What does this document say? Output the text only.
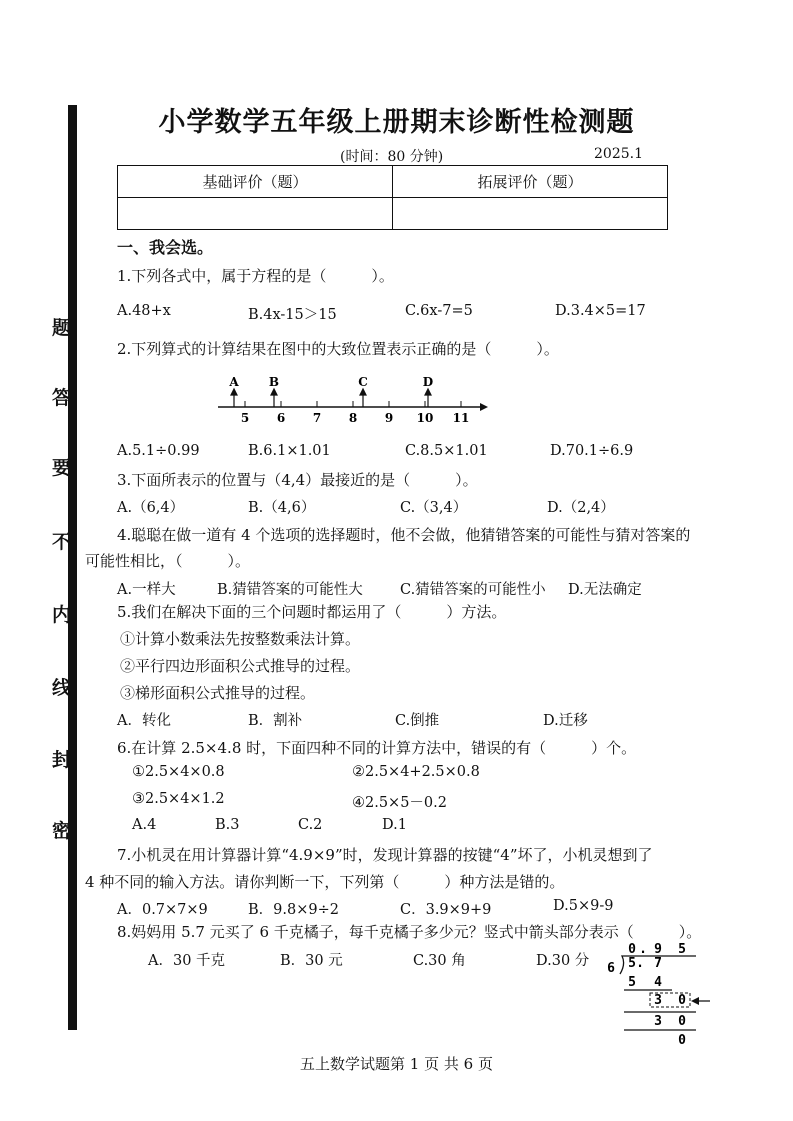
题
答
要
不
内
线
封
密
小学数学五年级上册期末诊断性检测题
(时间：80 分钟)	2025.1
基础评价（题）	拓展评价（题）

一、我会选。
1.下列各式中，属于方程的是（　　　）。
A.48+x	B.4x-15＞15	C.6x-7=5	D.3.4×5=17
2.下列算式的计算结果在图中的大致位置表示正确的是（　　　）。
5 6 7 8 9 10 11
A	B	C	D
A.5.1÷0.99	B.6.1×1.01	C.8.5×1.01	D.70.1÷6.9
3.下面所表示的位置与（4,4）最接近的是（　　　）。
A.（6,4）	B.（4,6）	C.（3,4）	D.（2,4）
4.聪聪在做一道有 4 个选项的选择题时，他不会做，他猜错答案的可能性与猜对答案的
可能性相比，（　　　）。
A.一样大	B.猜错答案的可能性大	C.猜错答案的可能性小 D.无法确定
5.我们在解决下面的三个问题时都运用了（　　　）方法。
①计算小数乘法先按整数乘法计算。
②平行四边形面积公式推导的过程。
③梯形面积公式推导的过程。
A．转化	B．割补	C.倒推	D.迁移
6.在计算 2.5×4.8 时，下面四种不同的计算方法中，错误的有（　　　）个。
①2.5×4×0.8	②2.5×4+2.5×0.8
③2.5×4×1.2	④2.5×5－0.2
A.4	B.3	C.2	D.1
7.小机灵在用计算器计算“4.9×9”时，发现计算器的按键“4”坏了，小机灵想到了
4 种不同的输入方法。请你判断一下，下列第（　　　）种方法是错的。
A．0.7×7×9	B．9.8×9÷2	C．3.9×9+9	D.5×9-9
8.妈妈用 5.7 元买了 6 千克橘子，每千克橘子多少元？竖式中箭头部分表示（　　　）。
A．30 千克	B．30 元	C.30 角	D.30 分
0 . 9 5
6 5 . 7
5 4
3 0
3 0
0
五上数学试题第 1 页 共 6 页
